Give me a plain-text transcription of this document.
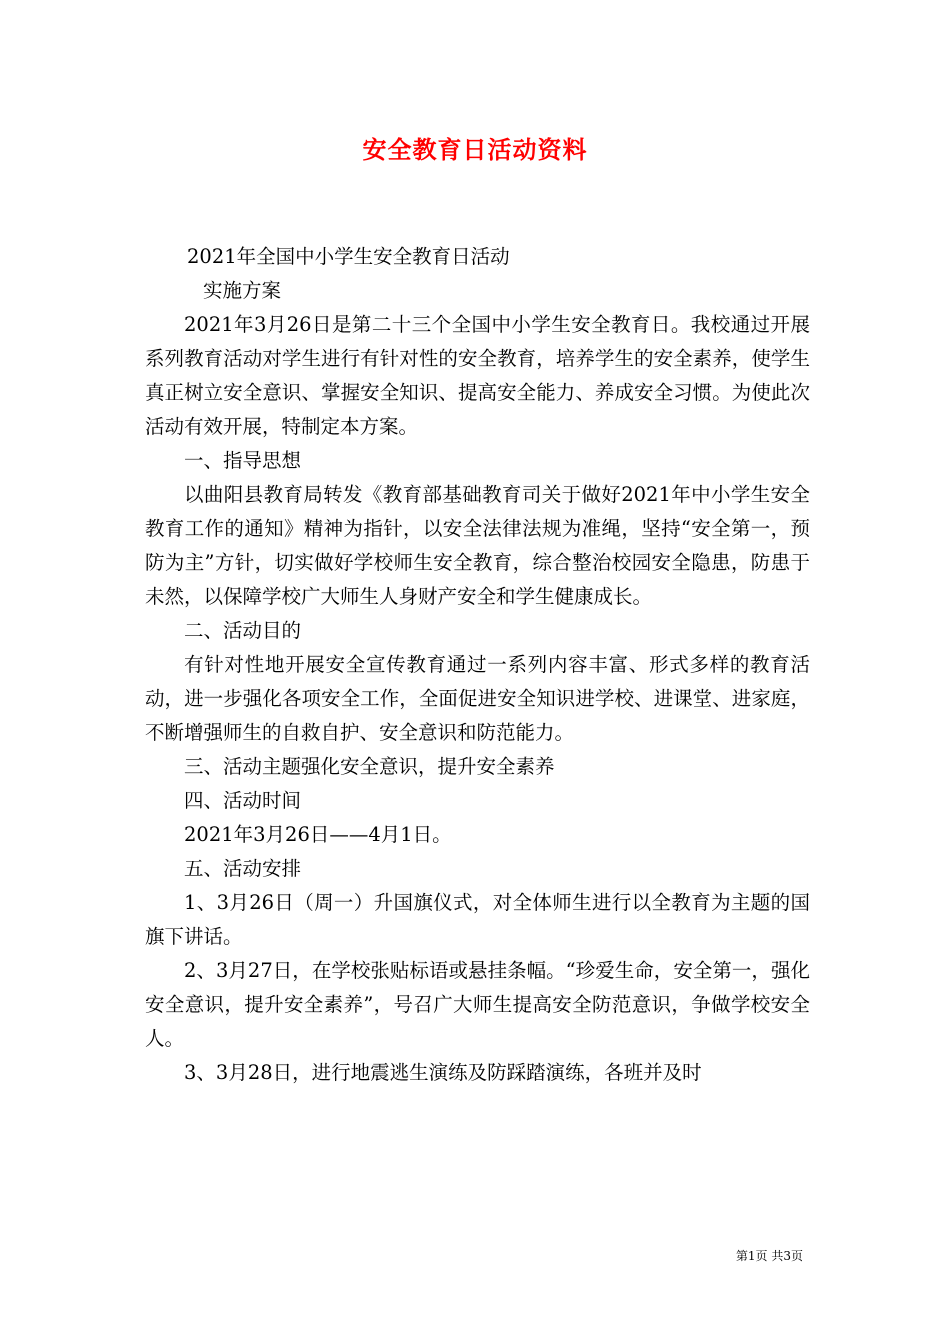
安全教育日活动资料

2021年全国中小学生安全教育日活动

实施方案

2021年3月26日是第二十三个全国中小学生安全教育日。我校通过开展系列教育活动对学生进行有针对性的安全教育，培养学生的安全素养，使学生真正树立安全意识、掌握安全知识、提高安全能力、养成安全习惯。为使此次活动有效开展，特制定本方案。

一、指导思想

以曲阳县教育局转发《教育部基础教育司关于做好2021年中小学生安全教育工作的通知》精神为指针，以安全法律法规为准绳，坚持“安全第一，预防为主”方针，切实做好学校师生安全教育，综合整治校园安全隐患，防患于未然，以保障学校广大师生人身财产安全和学生健康成长。

二、活动目的

有针对性地开展安全宣传教育通过一系列内容丰富、形式多样的教育活动，进一步强化各项安全工作，全面促进安全知识进学校、进课堂、进家庭，不断增强师生的自救自护、安全意识和防范能力。

三、活动主题强化安全意识，提升安全素养

四、活动时间

2021年3月26日——4月1日。

五、活动安排

1、3月26日（周一）升国旗仪式，对全体师生进行以全教育为主题的国旗下讲话。

2、3月27日，在学校张贴标语或悬挂条幅。“珍爱生命，安全第一，强化安全意识，提升安全素养”，号召广大师生提高安全防范意识，争做学校安全人。

3、3月28日，进行地震逃生演练及防踩踏演练，各班并及时

第1页 共3页
